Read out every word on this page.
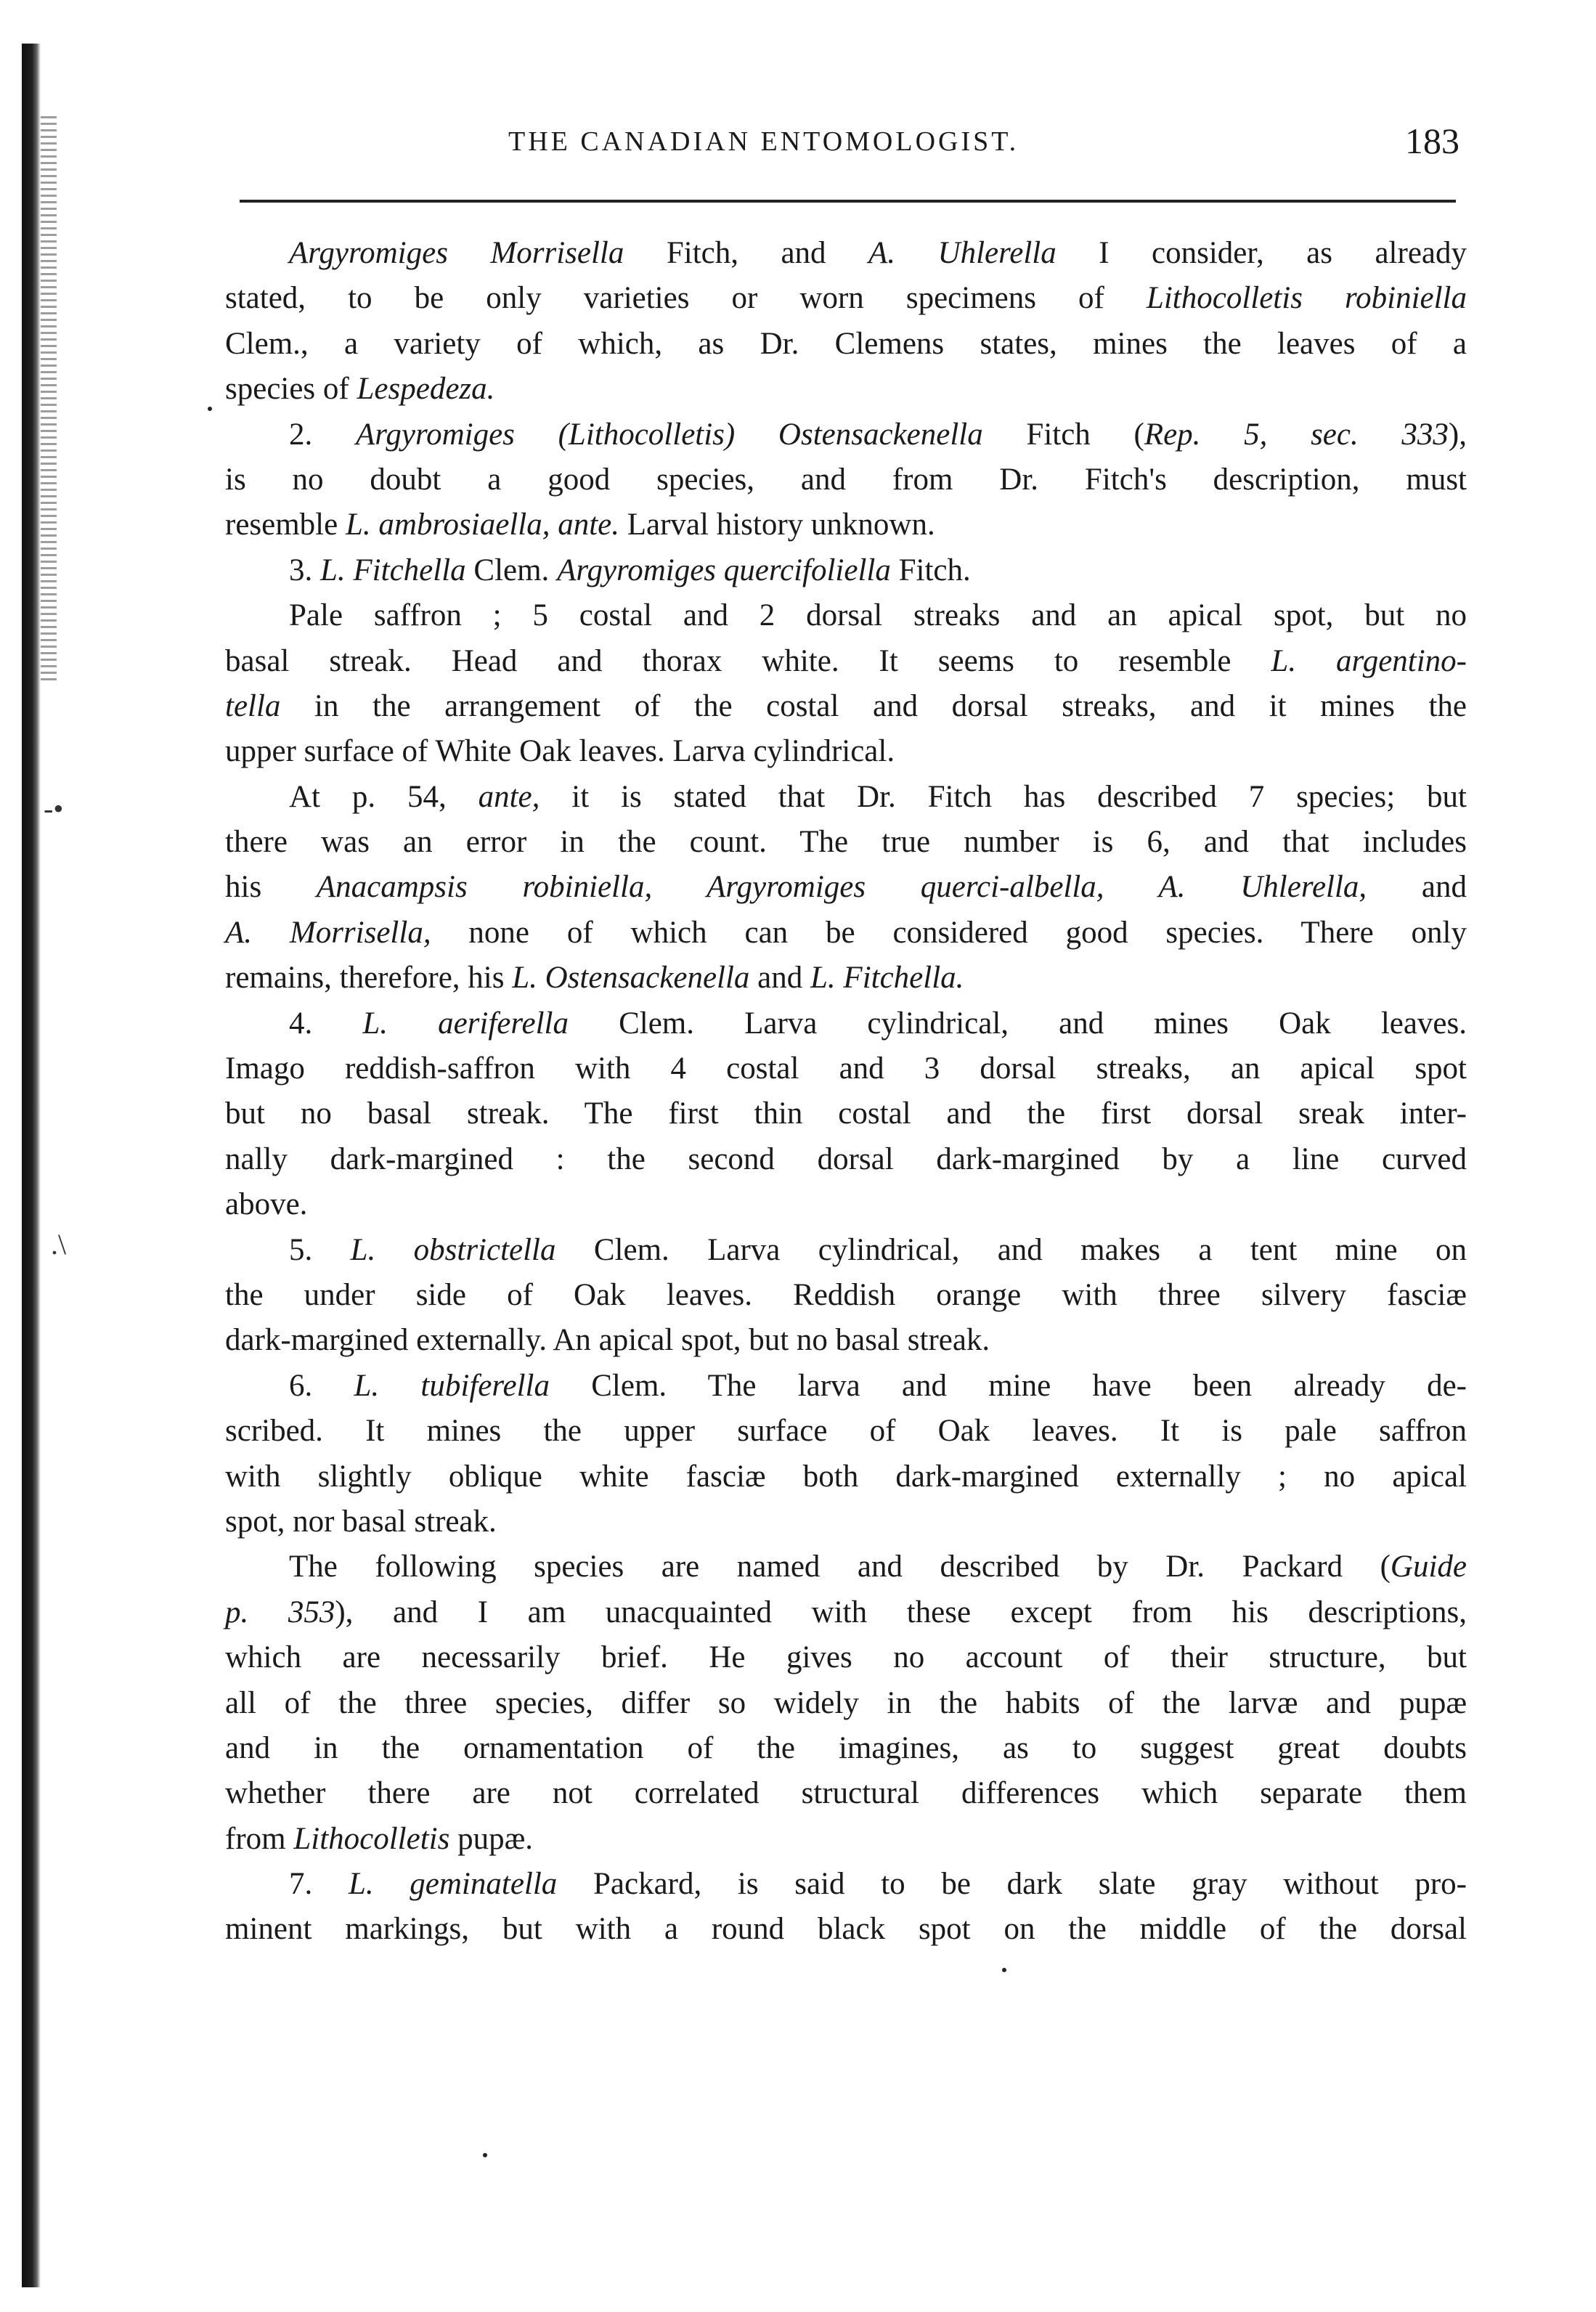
THE CANADIAN ENTOMOLOGIST.	183
Argyromiges Morrisella Fitch, and A. Uhlerella I consider, as already
stated, to be only varieties or worn specimens of Lithocolletis robiniella
Clem., a variety of which, as Dr. Clemens states, mines the leaves of a
species of Lespedeza.
2. Argyromiges (Lithocolletis) Ostensackenella Fitch (Rep. 5, sec. 333),
is no doubt a good species, and from Dr. Fitch's description, must
resemble L. ambrosiaella, ante. Larval history unknown.
3. L. Fitchella Clem. Argyromiges quercifoliella Fitch.
Pale saffron ; 5 costal and 2 dorsal streaks and an apical spot, but no
basal streak. Head and thorax white. It seems to resemble L. argentino-
tella in the arrangement of the costal and dorsal streaks, and it mines the
upper surface of White Oak leaves. Larva cylindrical.
At p. 54, ante, it is stated that Dr. Fitch has described 7 species; but
there was an error in the count. The true number is 6, and that includes
his Anacampsis robiniella, Argyromiges querci-albella, A. Uhlerella, and
A. Morrisella, none of which can be considered good species. There only
remains, therefore, his L. Ostensackenella and L. Fitchella.
4. L. aeriferella Clem. Larva cylindrical, and mines Oak leaves.
Imago reddish-saffron with 4 costal and 3 dorsal streaks, an apical spot
but no basal streak. The first thin costal and the first dorsal sreak inter-
nally dark-margined : the second dorsal dark-margined by a line curved
above.
5. L. obstrictella Clem. Larva cylindrical, and makes a tent mine on
the under side of Oak leaves. Reddish orange with three silvery fasciæ
dark-margined externally. An apical spot, but no basal streak.
6. L. tubiferella Clem. The larva and mine have been already de-
scribed. It mines the upper surface of Oak leaves. It is pale saffron
with slightly oblique white fasciæ both dark-margined externally ; no apical
spot, nor basal streak.
The following species are named and described by Dr. Packard (Guide
p. 353), and I am unacquainted with these except from his descriptions,
which are necessarily brief. He gives no account of their structure, but
all of the three species, differ so widely in the habits of the larvæ and pupæ
and in the ornamentation of the imagines, as to suggest great doubts
whether there are not correlated structural differences which separate them
from Lithocolletis pupæ.
7. L. geminatella Packard, is said to be dark slate gray without pro-
minent markings, but with a round black spot on the middle of the dorsal
-•
.\
